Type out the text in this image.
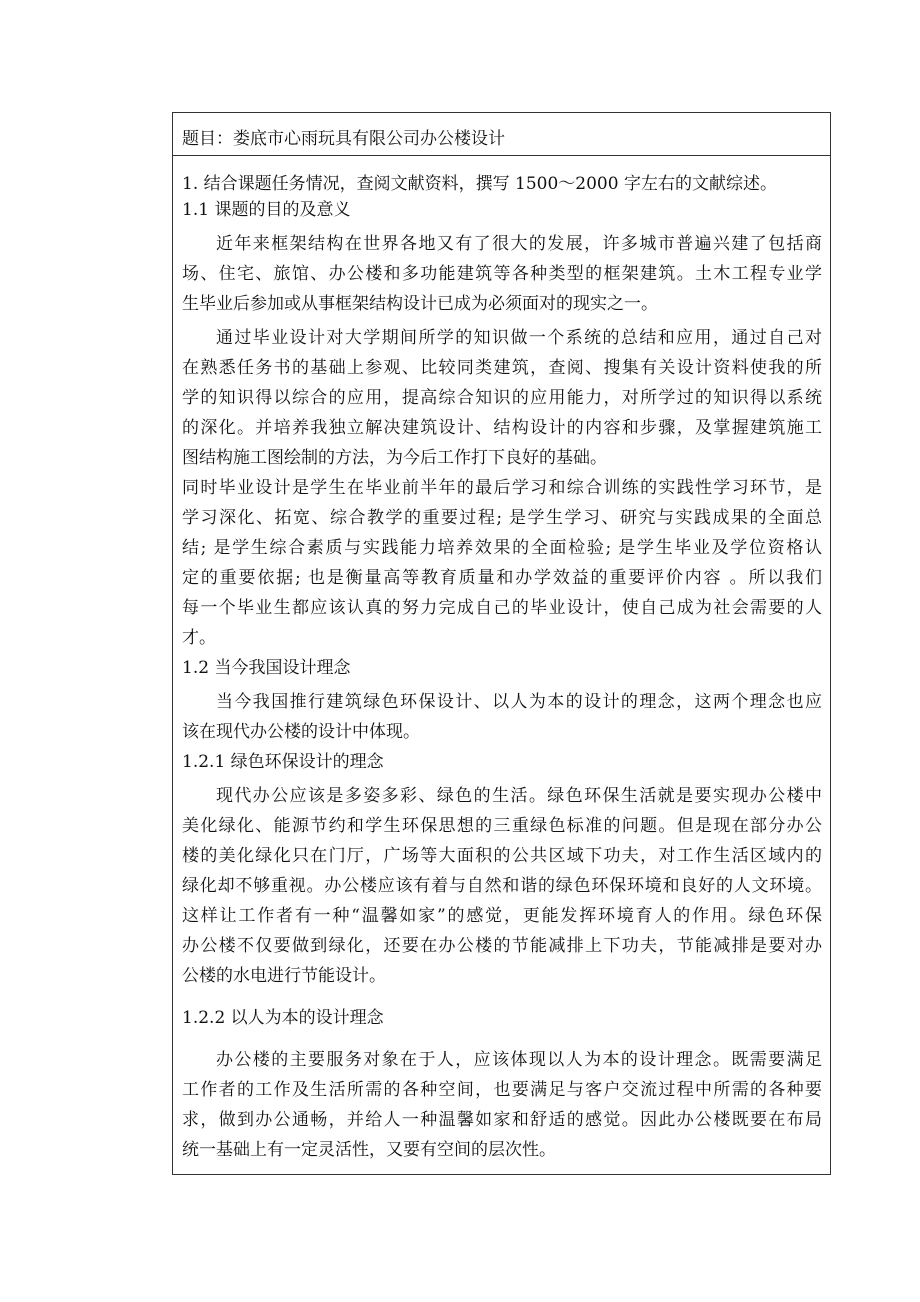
题目：娄底市心雨玩具有限公司办公楼设计
1. 结合课题任务情况，查阅文献资料，撰写 1500～2000 字左右的文献综述。
1.1 课题的目的及意义
近年来框架结构在世界各地又有了很大的发展，许多城市普遍兴建了包括商
场、住宅、旅馆、办公楼和多功能建筑等各种类型的框架建筑。土木工程专业学
生毕业后参加或从事框架结构设计已成为必须面对的现实之一。
通过毕业设计对大学期间所学的知识做一个系统的总结和应用，通过自己对
在熟悉任务书的基础上参观、比较同类建筑，查阅、搜集有关设计资料使我的所
学的知识得以综合的应用，提高综合知识的应用能力，对所学过的知识得以系统
的深化。并培养我独立解决建筑设计、结构设计的内容和步骤，及掌握建筑施工
图结构施工图绘制的方法，为今后工作打下良好的基础。
同时毕业设计是学生在毕业前半年的最后学习和综合训练的实践性学习环节，是
学习深化、拓宽、综合教学的重要过程; 是学生学习、研究与实践成果的全面总
结; 是学生综合素质与实践能力培养效果的全面检验; 是学生毕业及学位资格认
定的重要依据; 也是衡量高等教育质量和办学效益的重要评价内容 。所以我们
每一个毕业生都应该认真的努力完成自己的毕业设计，使自己成为社会需要的人
才。
1.2 当今我国设计理念
当今我国推行建筑绿色环保设计、以人为本的设计的理念，这两个理念也应
该在现代办公楼的设计中体现。
1.2.1 绿色环保设计的理念
现代办公应该是多姿多彩、绿色的生活。绿色环保生活就是要实现办公楼中
美化绿化、能源节约和学生环保思想的三重绿色标准的问题。但是现在部分办公
楼的美化绿化只在门厅，广场等大面积的公共区域下功夫，对工作生活区域内的
绿化却不够重视。办公楼应该有着与自然和谐的绿色环保环境和良好的人文环境。
这样让工作者有一种“温馨如家”的感觉，更能发挥环境育人的作用。绿色环保
办公楼不仅要做到绿化，还要在办公楼的节能减排上下功夫，节能减排是要对办
公楼的水电进行节能设计。
1.2.2 以人为本的设计理念
办公楼的主要服务对象在于人，应该体现以人为本的设计理念。既需要满足
工作者的工作及生活所需的各种空间，也要满足与客户交流过程中所需的各种要
求，做到办公通畅，并给人一种温馨如家和舒适的感觉。因此办公楼既要在布局
统一基础上有一定灵活性，又要有空间的层次性。
